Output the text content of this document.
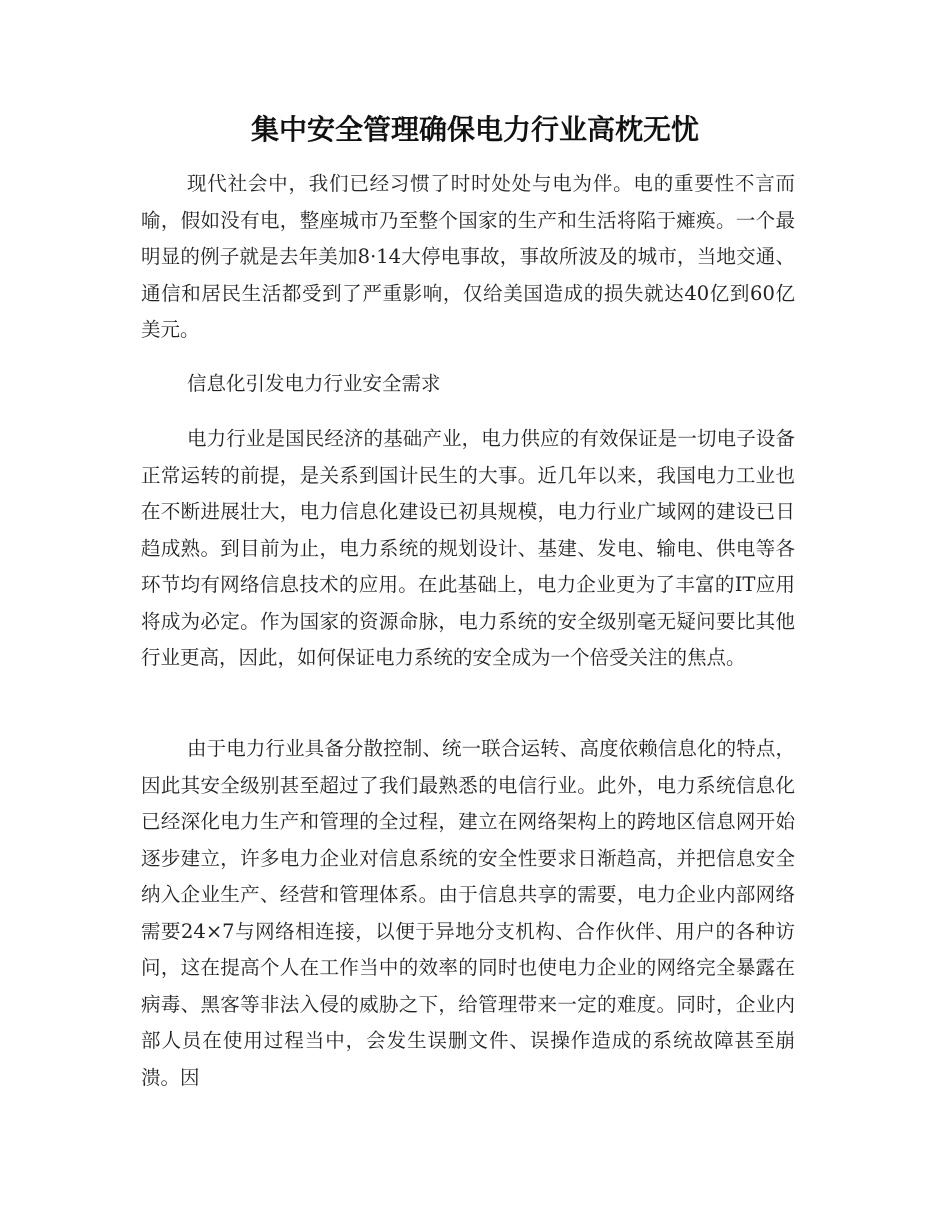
集中安全管理确保电力行业高枕无忧

现代社会中，我们已经习惯了时时处处与电为伴。电的重要性不言而喻，假如没有电，整座城市乃至整个国家的生产和生活将陷于瘫痪。一个最明显的例子就是去年美加8·14大停电事故，事故所波及的城市，当地交通、通信和居民生活都受到了严重影响，仅给美国造成的损失就达40亿到60亿美元。

信息化引发电力行业安全需求

电力行业是国民经济的基础产业，电力供应的有效保证是一切电子设备正常运转的前提，是关系到国计民生的大事。近几年以来，我国电力工业也在不断进展壮大，电力信息化建设已初具规模，电力行业广域网的建设已日趋成熟。到目前为止，电力系统的规划设计、基建、发电、输电、供电等各环节均有网络信息技术的应用。在此基础上，电力企业更为了丰富的IT应用将成为必定。作为国家的资源命脉，电力系统的安全级别毫无疑问要比其他行业更高，因此，如何保证电力系统的安全成为一个倍受关注的焦点。

由于电力行业具备分散控制、统一联合运转、高度依赖信息化的特点，因此其安全级别甚至超过了我们最熟悉的电信行业。此外，电力系统信息化已经深化电力生产和管理的全过程，建立在网络架构上的跨地区信息网开始逐步建立，许多电力企业对信息系统的安全性要求日渐趋高，并把信息安全纳入企业生产、经营和管理体系。由于信息共享的需要，电力企业内部网络需要24×7与网络相连接，以便于异地分支机构、合作伙伴、用户的各种访问，这在提高个人在工作当中的效率的同时也使电力企业的网络完全暴露在病毒、黑客等非法入侵的威胁之下，给管理带来一定的难度。同时，企业内部人员在使用过程当中，会发生误删文件、误操作造成的系统故障甚至崩溃。因
